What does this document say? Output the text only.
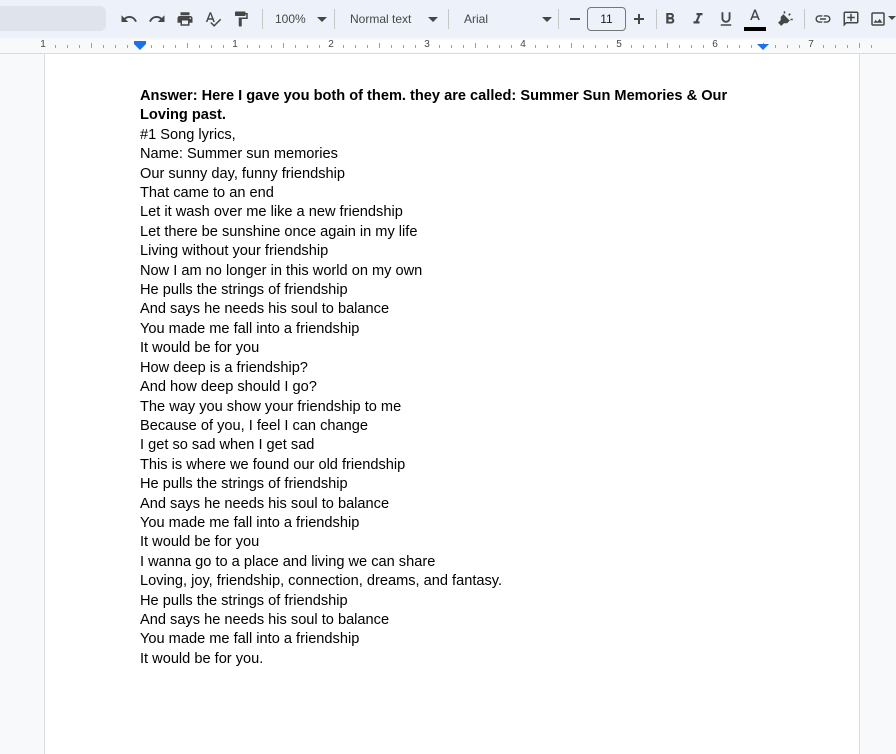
100%	Normal text	Arial	11
1	1	2	3	4	5	6	7
Answer: Here I gave you both of them. they are called: Summer Sun Memories & Our Loving past.
#1 Song lyrics,
Name: Summer sun memories
Our sunny day, funny friendship
That came to an end
Let it wash over me like a new friendship
Let there be sunshine once again in my life
Living without your friendship
Now I am no longer in this world on my own
He pulls the strings of friendship
And says he needs his soul to balance
You made me fall into a friendship
It would be for you
How deep is a friendship?
And how deep should I go?
The way you show your friendship to me
Because of you, I feel I can change
I get so sad when I get sad
This is where we found our old friendship
He pulls the strings of friendship
And says he needs his soul to balance
You made me fall into a friendship
It would be for you
I wanna go to a place and living we can share
Loving, joy, friendship, connection, dreams, and fantasy.
He pulls the strings of friendship
And says he needs his soul to balance
You made me fall into a friendship
It would be for you.
